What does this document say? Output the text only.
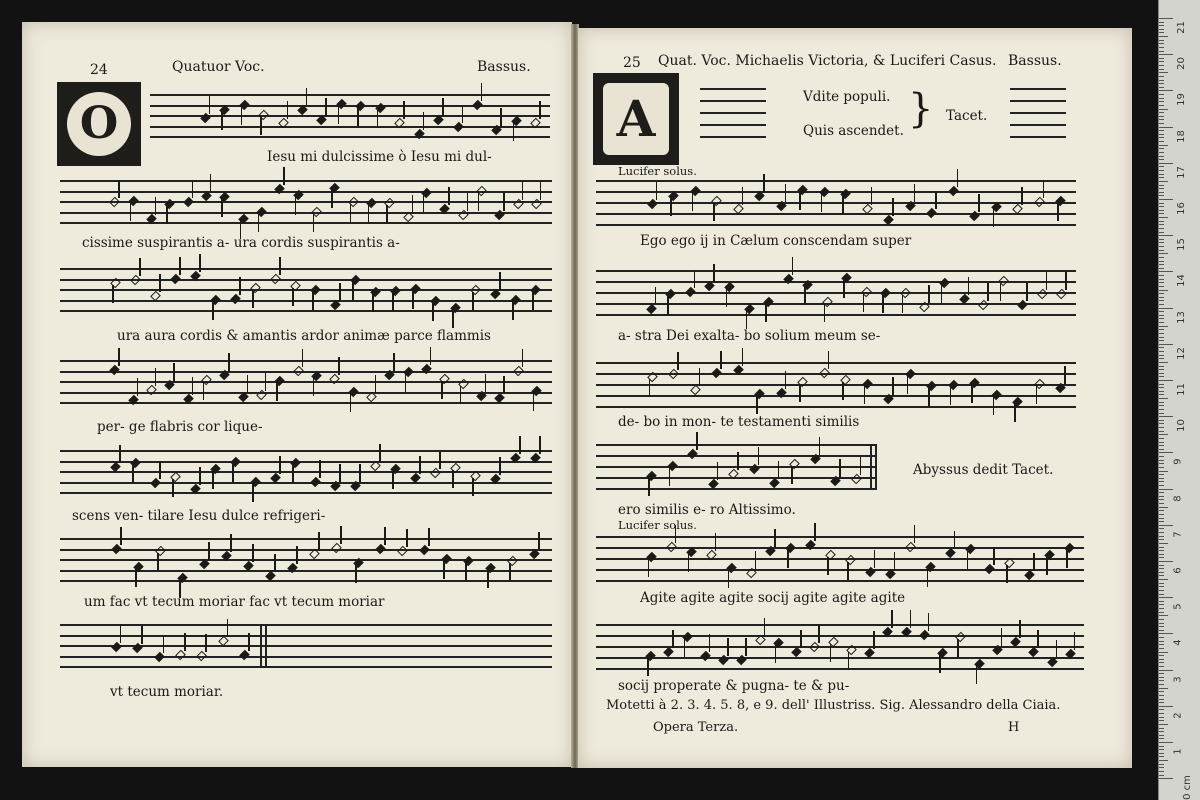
24	Quatuor Voc.	Bassus.
O
Iesu mi dulcissime ò Iesu mi dul-
cissime suspirantis a- ura cordis suspirantis a-
ura aura cordis & amantis ardor animæ parce flammis
per- ge flabris cor lique-
scens ven- tilare Iesu dulce refrigeri-
um fac vt tecum moriar fac vt tecum moriar
vt tecum moriar.
25 Quat. Voc. Michaelis Victoria, & Luciferi Casus. Bassus.
A	Vdite populi.
Quis ascendet. } Tacet.
Lucifer solus.
Ego ego ij in Cælum conscendam super
a- stra Dei exalta- bo solium meum se-
de- bo in mon- te testamenti similis
ero similis e- ro Altissimo.
Abyssus dedit Tacet.
Lucifer solus.
Agite agite agite socij agite agite agite
socij properate & pugna- te & pu-
Motetti à 2. 3. 4. 5. 8, e 9. dell' Illustriss. Sig. Alessandro della Ciaia.
Opera Terza.	H
21
20
19
18
17
16
15
14
13
12
11
10
9
8
7
6
5
4
3
2
1
0 cm
